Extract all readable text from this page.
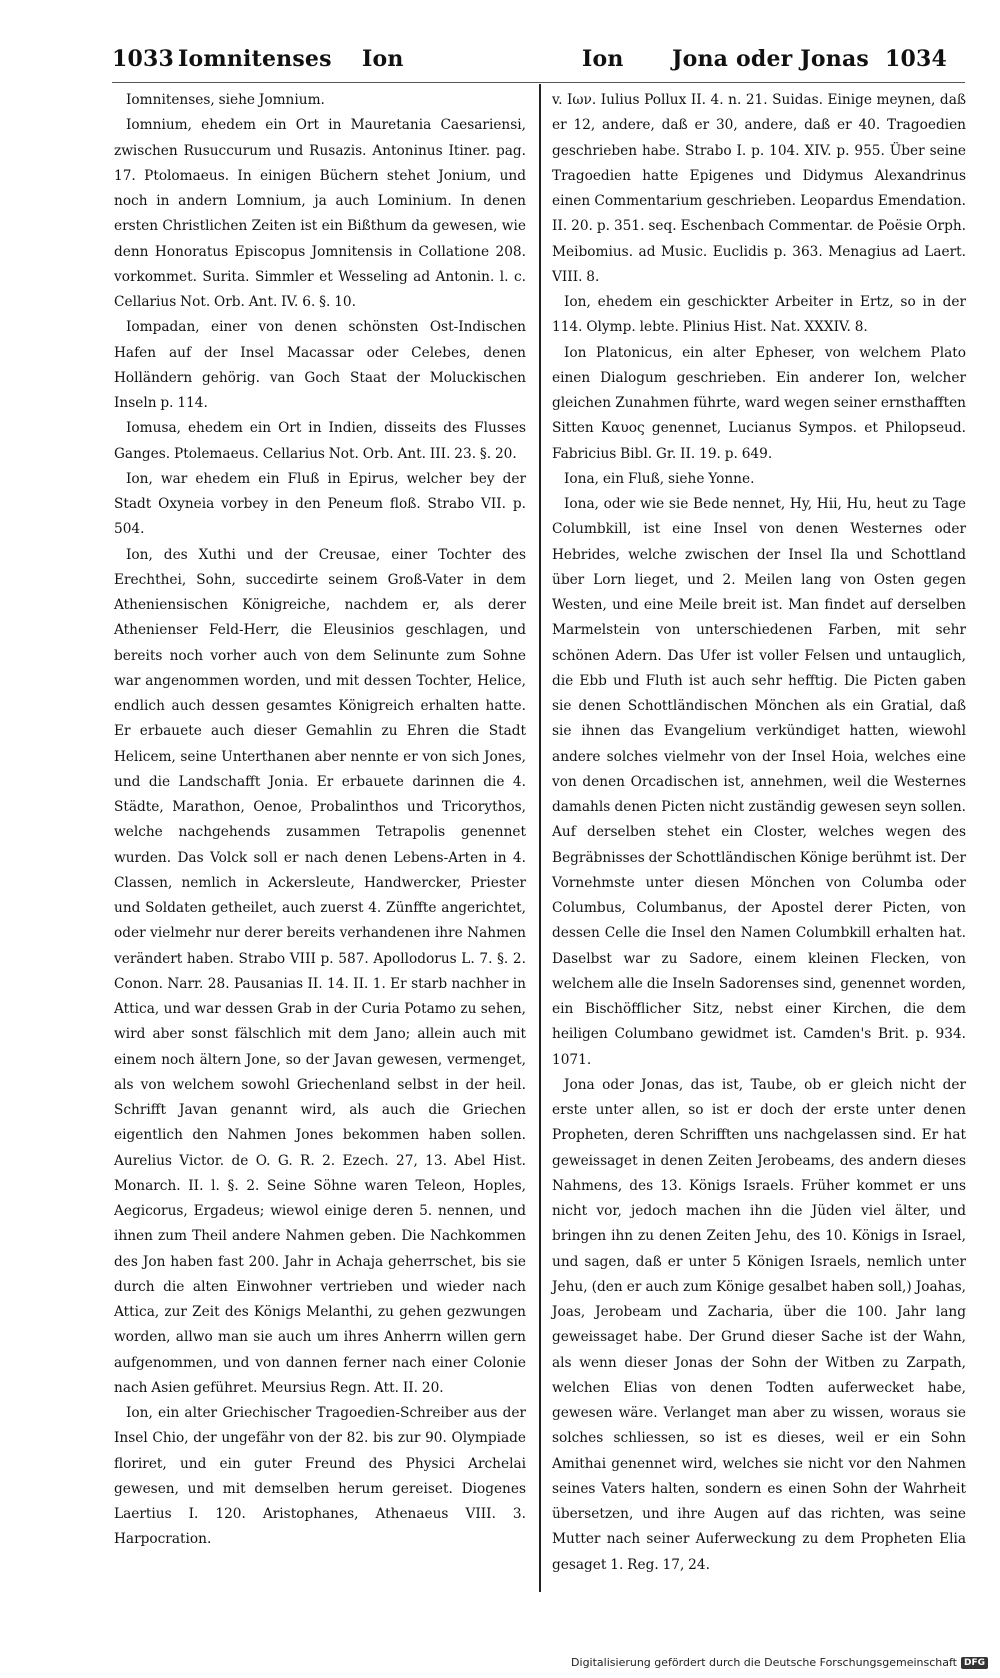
1033 Iomnitenses Ion	Ion Jona oder Jonas 1034

Iomnitenses, siehe Jomnium.

Iomnium, ehedem ein Ort in Mauretania Caesariensi, zwischen Rusuccurum und Rusazis. Antoninus Itiner. pag. 17. Ptolomaeus. In einigen Büchern stehet Jonium, und noch in andern Lomnium, ja auch Lominium. In denen ersten Christlichen Zeiten ist ein Bißthum da gewesen, wie denn Honoratus Episcopus Jomnitensis in Collatione 208. vorkommet. Surita. Simmler et Wesseling ad Antonin. l. c. Cellarius Not. Orb. Ant. IV. 6. §. 10.

Iompadan, einer von denen schönsten Ost-Indischen Hafen auf der Insel Macassar oder Celebes, denen Holländern gehörig. van Goch Staat der Moluckischen Inseln p. 114.

Iomusa, ehedem ein Ort in Indien, disseits des Flusses Ganges. Ptolemaeus. Cellarius Not. Orb. Ant. III. 23. §. 20.

Ion, war ehedem ein Fluß in Epirus, welcher bey der Stadt Oxyneia vorbey in den Peneum floß. Strabo VII. p. 504.

Ion, des Xuthi und der Creusae, einer Tochter des Erechthei, Sohn, succedirte seinem Groß-Vater in dem Atheniensischen Königreiche, nachdem er, als derer Athenienser Feld-Herr, die Eleusinios geschlagen, und bereits noch vorher auch von dem Selinunte zum Sohne war angenommen worden, und mit dessen Tochter, Helice, endlich auch dessen gesamtes Königreich erhalten hatte. Er erbauete auch dieser Gemahlin zu Ehren die Stadt Helicem, seine Unterthanen aber nennte er von sich Jones, und die Landschafft Jonia. Er erbauete darinnen die 4. Städte, Marathon, Oenoe, Probalinthos und Tricorythos, welche nachgehends zusammen Tetrapolis genennet wurden. Das Volck soll er nach denen Lebens-Arten in 4. Classen, nemlich in Ackersleute, Handwercker, Priester und Soldaten getheilet, auch zuerst 4. Zünffte angerichtet, oder vielmehr nur derer bereits verhandenen ihre Nahmen verändert haben. Strabo VIII p. 587. Apollodorus L. 7. §. 2. Conon. Narr. 28. Pausanias II. 14. II. 1. Er starb nachher in Attica, und war dessen Grab in der Curia Potamo zu sehen, wird aber sonst fälschlich mit dem Jano; allein auch mit einem noch ältern Jone, so der Javan gewesen, vermenget, als von welchem sowohl Griechenland selbst in der heil. Schrifft Javan genannt wird, als auch die Griechen eigentlich den Nahmen Jones bekommen haben sollen. Aurelius Victor. de O. G. R. 2. Ezech. 27, 13. Abel Hist. Monarch. II. l. §. 2. Seine Söhne waren Teleon, Hoples, Aegicorus, Ergadeus; wiewol einige deren 5. nennen, und ihnen zum Theil andere Nahmen geben. Die Nachkommen des Jon haben fast 200. Jahr in Achaja geherrschet, bis sie durch die alten Einwohner vertrieben und wieder nach Attica, zur Zeit des Königs Melanthi, zu gehen gezwungen worden, allwo man sie auch um ihres Anherrn willen gern aufgenommen, und von dannen ferner nach einer Colonie nach Asien geführet. Meursius Regn. Att. II. 20.

Ion, ein alter Griechischer Tragoedien-Schreiber aus der Insel Chio, der ungefähr von der 82. bis zur 90. Olympiade floriret, und ein guter Freund des Physici Archelai gewesen, und mit demselben herum gereiset. Diogenes Laertius I. 120. Aristophanes, Athenaeus VIII. 3. Harpocration.

v. Ιων. Iulius Pollux II. 4. n. 21. Suidas. Einige meynen, daß er 12, andere, daß er 30, andere, daß er 40. Tragoedien geschrieben habe. Strabo I. p. 104. XIV. p. 955. Über seine Tragoedien hatte Epigenes und Didymus Alexandrinus einen Commentarium geschrieben. Leopardus Emendation. II. 20. p. 351. seq. Eschenbach Commentar. de Poësie Orph. Meibomius. ad Music. Euclidis p. 363. Menagius ad Laert. VIII. 8.

Ion, ehedem ein geschickter Arbeiter in Ertz, so in der 114. Olymp. lebte. Plinius Hist. Nat. XXXIV. 8.

Ion Platonicus, ein alter Epheser, von welchem Plato einen Dialogum geschrieben. Ein anderer Ion, welcher gleichen Zunahmen führte, ward wegen seiner ernsthafften Sitten Καυος genennet, Lucianus Sympos. et Philopseud. Fabricius Bibl. Gr. II. 19. p. 649.

Iona, ein Fluß, siehe Yonne.

Iona, oder wie sie Bede nennet, Hy, Hii, Hu, heut zu Tage Columbkill, ist eine Insel von denen Westernes oder Hebrides, welche zwischen der Insel Ila und Schottland über Lorn lieget, und 2. Meilen lang von Osten gegen Westen, und eine Meile breit ist. Man findet auf derselben Marmelstein von unterschiedenen Farben, mit sehr schönen Adern. Das Ufer ist voller Felsen und untauglich, die Ebb und Fluth ist auch sehr hefftig. Die Picten gaben sie denen Schottländischen Mönchen als ein Gratial, daß sie ihnen das Evangelium verkündiget hatten, wiewohl andere solches vielmehr von der Insel Hoia, welches eine von denen Orcadischen ist, annehmen, weil die Westernes damahls denen Picten nicht zuständig gewesen seyn sollen. Auf derselben stehet ein Closter, welches wegen des Begräbnisses der Schottländischen Könige berühmt ist. Der Vornehmste unter diesen Mönchen von Columba oder Columbus, Columbanus, der Apostel derer Picten, von dessen Celle die Insel den Namen Columbkill erhalten hat. Daselbst war zu Sadore, einem kleinen Flecken, von welchem alle die Inseln Sadorenses sind, genennet worden, ein Bischöfflicher Sitz, nebst einer Kirchen, die dem heiligen Columbano gewidmet ist. Camden's Brit. p. 934. 1071.

Jona oder Jonas, das ist, Taube, ob er gleich nicht der erste unter allen, so ist er doch der erste unter denen Propheten, deren Schrifften uns nachgelassen sind. Er hat geweissaget in denen Zeiten Jerobeams, des andern dieses Nahmens, des 13. Königs Israels. Früher kommet er uns nicht vor, jedoch machen ihn die Jüden viel älter, und bringen ihn zu denen Zeiten Jehu, des 10. Königs in Israel, und sagen, daß er unter 5 Königen Israels, nemlich unter Jehu, (den er auch zum Könige gesalbet haben soll,) Joahas, Joas, Jerobeam und Zacharia, über die 100. Jahr lang geweissaget habe. Der Grund dieser Sache ist der Wahn, als wenn dieser Jonas der Sohn der Witben zu Zarpath, welchen Elias von denen Todten auferwecket habe, gewesen wäre. Verlanget man aber zu wissen, woraus sie solches schliessen, so ist es dieses, weil er ein Sohn Amithai genennet wird, welches sie nicht vor den Nahmen seines Vaters halten, sondern es einen Sohn der Wahrheit übersetzen, und ihre Augen auf das richten, was seine Mutter nach seiner Auferweckung zu dem Propheten Elia gesaget 1. Reg. 17, 24.

Digitalisierung gefördert durch die Deutsche Forschungsgemeinschaft DFG
